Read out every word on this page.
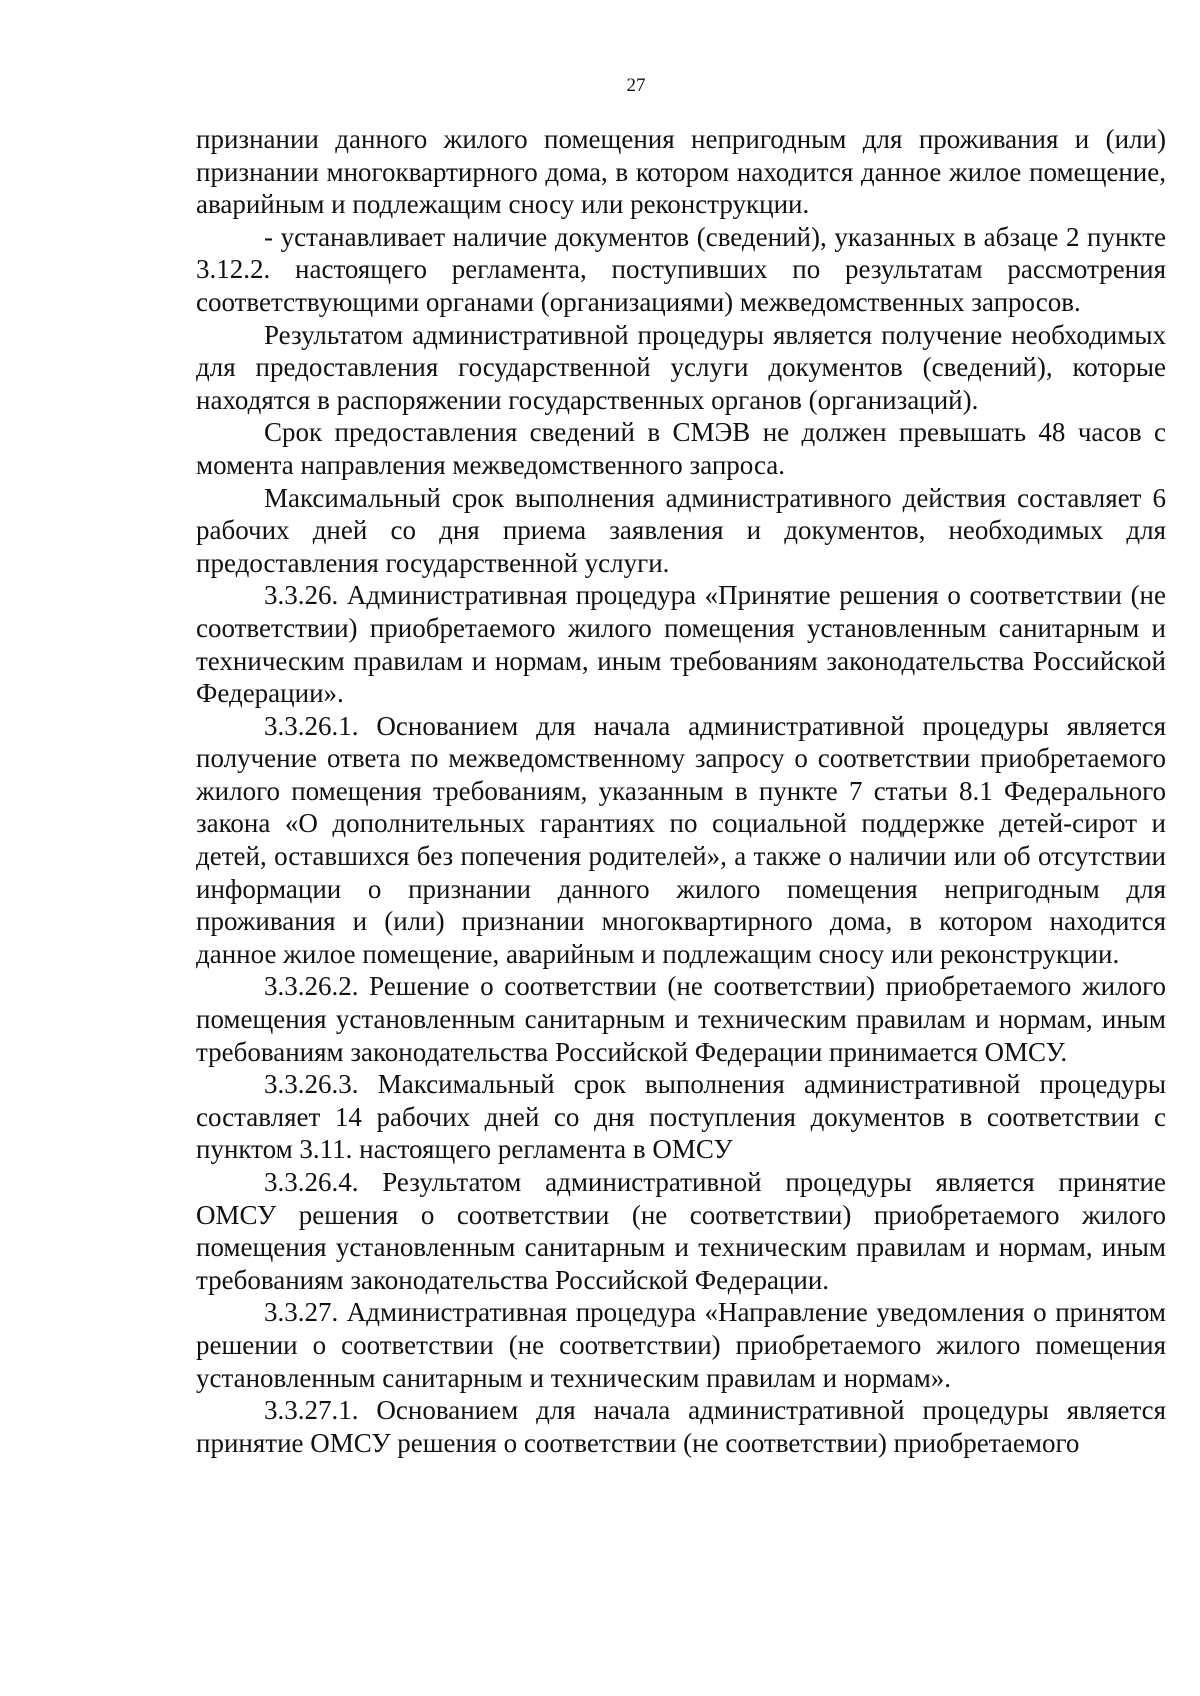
27

признании данного жилого помещения непригодным для проживания и (или) признании многоквартирного дома, в котором находится данное жилое помещение, аварийным и подлежащим сносу или реконструкции.

- устанавливает наличие документов (сведений), указанных в абзаце 2 пункте 3.12.2. настоящего регламента, поступивших по результатам рассмотрения соответствующими органами (организациями) межведомственных запросов.

Результатом административной процедуры является получение необходимых для предоставления государственной услуги документов (сведений), которые находятся в распоряжении государственных органов (организаций).

Срок предоставления сведений в СМЭВ не должен превышать 48 часов с момента направления межведомственного запроса.

Максимальный срок выполнения административного действия составляет 6 рабочих дней со дня приема заявления и документов, необходимых для предоставления государственной услуги.

3.3.26. Административная процедура «Принятие решения о соответствии (не соответствии) приобретаемого жилого помещения установленным санитарным и техническим правилам и нормам, иным требованиям законодательства Российской Федерации».

3.3.26.1. Основанием для начала административной процедуры является получение ответа по межведомственному запросу о соответствии приобретаемого жилого помещения требованиям, указанным в пункте 7 статьи 8.1 Федерального закона «О дополнительных гарантиях по социальной поддержке детей-сирот и детей, оставшихся без попечения родителей», а также о наличии или об отсутствии информации о признании данного жилого помещения непригодным для проживания и (или) признании многоквартирного дома, в котором находится данное жилое помещение, аварийным и подлежащим сносу или реконструкции.

3.3.26.2. Решение о соответствии (не соответствии) приобретаемого жилого помещения установленным санитарным и техническим правилам и нормам, иным требованиям законодательства Российской Федерации принимается ОМСУ.

3.3.26.3. Максимальный срок выполнения административной процедуры составляет 14 рабочих дней со дня поступления документов в соответствии с пунктом 3.11. настоящего регламента в ОМСУ

3.3.26.4. Результатом административной процедуры является принятие ОМСУ решения о соответствии (не соответствии) приобретаемого жилого помещения установленным санитарным и техническим правилам и нормам, иным требованиям законодательства Российской Федерации.

3.3.27. Административная процедура «Направление уведомления о принятом решении о соответствии (не соответствии) приобретаемого жилого помещения установленным санитарным и техническим правилам и нормам».

3.3.27.1. Основанием для начала административной процедуры является принятие ОМСУ решения о соответствии (не соответствии) приобретаемого
